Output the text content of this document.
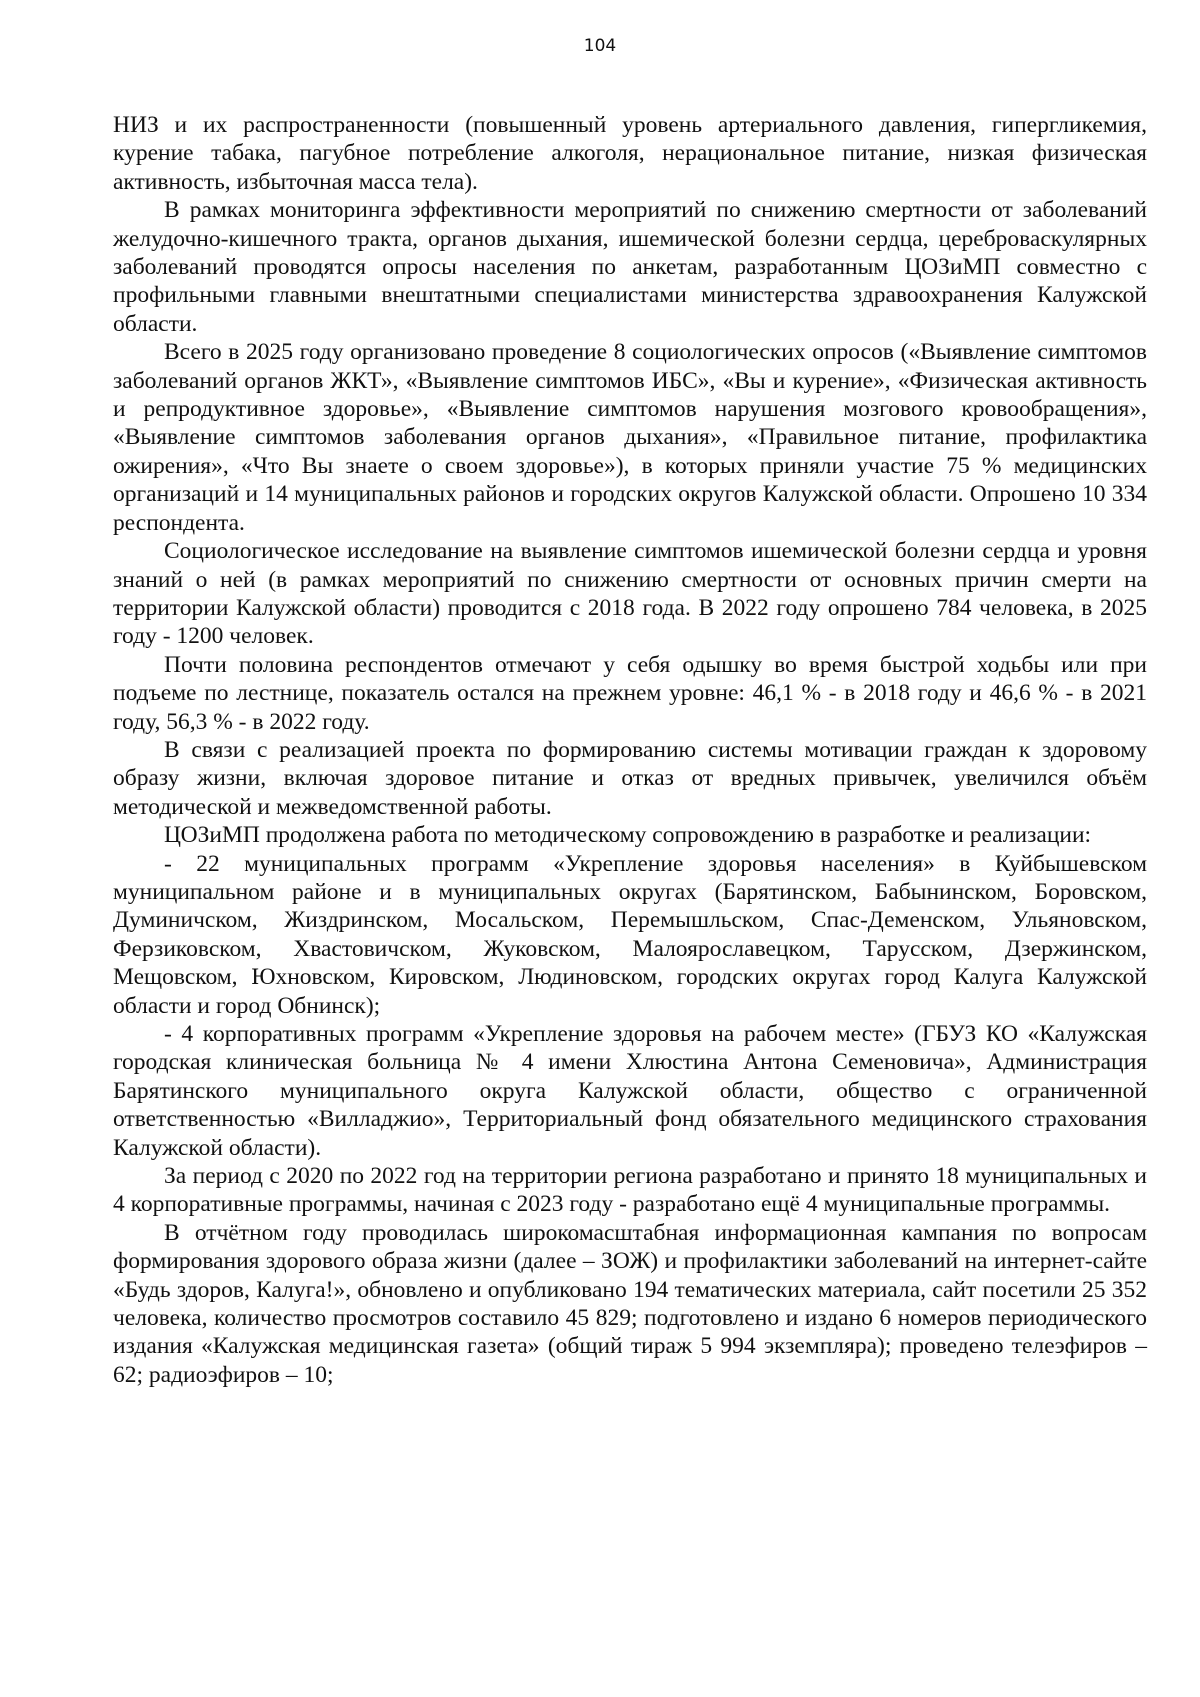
104

НИЗ и их распространенности (повышенный уровень артериального давления, гипергликемия, курение табака, пагубное потребление алкоголя, нерациональное питание, низкая физическая активность, избыточная масса тела).

В рамках мониторинга эффективности мероприятий по снижению смертности от заболеваний желудочно-кишечного тракта, органов дыхания, ишемической болезни сердца, цереброваскулярных заболеваний проводятся опросы населения по анкетам, разработанным ЦОЗиМП совместно с профильными главными внештатными специалистами министерства здравоохранения Калужской области.

Всего в 2025 году организовано проведение 8 социологических опросов («Выявление симптомов заболеваний органов ЖКТ», «Выявление симптомов ИБС», «Вы и курение», «Физическая активность и репродуктивное здоровье», «Выявление симптомов нарушения мозгового кровообращения», «Выявление симптомов заболевания органов дыхания», «Правильное питание, профилактика ожирения», «Что Вы знаете о своем здоровье»), в которых приняли участие 75 % медицинских организаций и 14 муниципальных районов и городских округов Калужской области. Опрошено 10 334 респондента.

Социологическое исследование на выявление симптомов ишемической болезни сердца и уровня знаний о ней (в рамках мероприятий по снижению смертности от основных причин смерти на территории Калужской области) проводится с 2018 года. В 2022 году опрошено 784 человека, в 2025 году - 1200 человек.

Почти половина респондентов отмечают у себя одышку во время быстрой ходьбы или при подъеме по лестнице, показатель остался на прежнем уровне: 46,1 % - в 2018 году и 46,6 % - в 2021 году, 56,3 % - в 2022 году.

В связи с реализацией проекта по формированию системы мотивации граждан к здоровому образу жизни, включая здоровое питание и отказ от вредных привычек, увеличился объём методической и межведомственной работы.

ЦОЗиМП продолжена работа по методическому сопровождению в разработке и реализации:

- 22 муниципальных программ «Укрепление здоровья населения» в Куйбышевском муниципальном районе и в муниципальных округах (Барятинском, Бабынинском, Боровском, Думиничском, Жиздринском, Мосальском, Перемышльском, Спас-Деменском, Ульяновском, Ферзиковском, Хвастовичском, Жуковском, Малоярославецком, Тарусском, Дзержинском, Мещовском, Юхновском, Кировском, Людиновском, городских округах город Калуга Калужской области и город Обнинск);

- 4 корпоративных программ «Укрепление здоровья на рабочем месте» (ГБУЗ КО «Калужская городская клиническая больница № 4 имени Хлюстина Антона Семеновича», Администрация Барятинского муниципального округа Калужской области, общество с ограниченной ответственностью «Вилладжио», Территориальный фонд обязательного медицинского страхования Калужской области).

За период с 2020 по 2022 год на территории региона разработано и принято 18 муниципальных и 4 корпоративные программы, начиная с 2023 году - разработано ещё 4 муниципальные программы.

В отчётном году проводилась широкомасштабная информационная кампания по вопросам формирования здорового образа жизни (далее – ЗОЖ) и профилактики заболеваний на интернет-сайте «Будь здоров, Калуга!», обновлено и опубликовано 194 тематических материала, сайт посетили 25 352 человека, количество просмотров составило 45 829; подготовлено и издано 6 номеров периодического издания «Калужская медицинская газета» (общий тираж 5 994 экземпляра); проведено телеэфиров – 62; радиоэфиров – 10;
